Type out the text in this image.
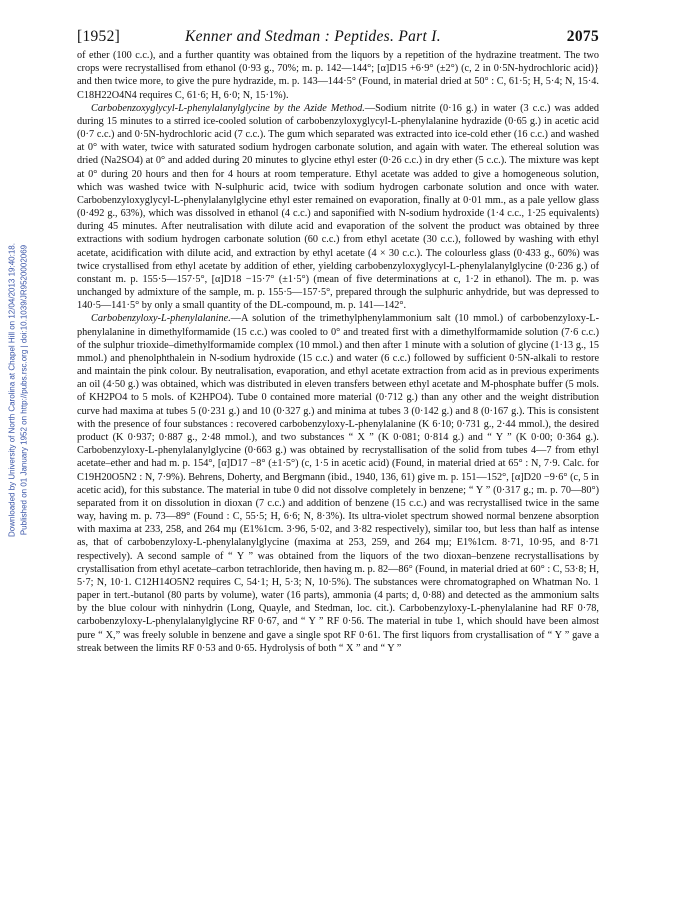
[1952]	Kenner and Stedman : Peptides. Part I.	2075
Downloaded by University of North Carolina at Chapel Hill on 12/04/2013 19:40:18. Published on 01 January 1952 on http://pubs.rsc.org | doi:10.1039/JR9520002069

of ether (100 c.c.), and a further quantity was obtained from the liquors by a repetition of the hydrazine treatment. The two crops were recrystallised from ethanol (0·93 g., 70%; m. p. 142—144°; [α]D15 +6·9° (±2°) (c, 2 in 0·5N-hydrochloric acid)} and then twice more, to give the pure hydrazide, m. p. 143—144·5° (Found, in material dried at 50° : C, 61·5; H, 5·4; N, 15·4. C18H22O4N4 requires C, 61·6; H, 6·0; N, 15·1%).

Carbobenzoxyglycyl-L-phenylalanylglycine by the Azide Method.—Sodium nitrite (0·16 g.) in water (3 c.c.) was added during 15 minutes to a stirred ice-cooled solution of carbobenzyloxyglycyl-L-phenylalanine hydrazide (0·65 g.) in acetic acid (0·7 c.c.) and 0·5N-hydrochloric acid (7 c.c.). The gum which separated was extracted into ice-cold ether (16 c.c.) and washed at 0° with water, twice with saturated sodium hydrogen carbonate solution, and again with water. The ethereal solution was dried (Na2SO4) at 0° and added during 20 minutes to glycine ethyl ester (0·26 c.c.) in dry ether (5 c.c.). The mixture was kept at 0° during 20 hours and then for 4 hours at room temperature. Ethyl acetate was added to give a homogeneous solution, which was washed twice with N-sulphuric acid, twice with sodium hydrogen carbonate solution and once with water. Carbobenzyloxyglycyl-L-phenylalanylglycine ethyl ester remained on evaporation, finally at 0·01 mm., as a pale yellow glass (0·492 g., 63%), which was dissolved in ethanol (4 c.c.) and saponified with N-sodium hydroxide (1·4 c.c., 1·25 equivalents) during 45 minutes. After neutralisation with dilute acid and evaporation of the solvent the product was obtained by three extractions with sodium hydrogen carbonate solution (60 c.c.) from ethyl acetate (30 c.c.), followed by washing with ethyl acetate, acidification with dilute acid, and extraction by ethyl acetate (4 × 30 c.c.). The colourless glass (0·433 g., 60%) was twice crystallised from ethyl acetate by addition of ether, yielding carbobenzyloxyglycyl-L-phenylalanylglycine (0·236 g.) of constant m. p. 155·5—157·5°, [α]D18 −15·7° (±1·5°) (mean of five determinations at c, 1·2 in ethanol). The m. p. was unchanged by admixture of the sample, m. p. 155·5—157·5°, prepared through the sulphuric anhydride, but was depressed to 140·5—141·5° by only a small quantity of the DL-compound, m. p. 141—142°.

Carbobenzyloxy-L-phenylalanine.—A solution of the trimethylphenylammonium salt (10 mmol.) of carbobenzyloxy-L-phenylalanine in dimethylformamide (15 c.c.) was cooled to 0° and treated first with a dimethylformamide solution (7·6 c.c.) of the sulphur trioxide–dimethylformamide complex (10 mmol.) and then after 1 minute with a solution of glycine (1·13 g., 15 mmol.) and phenolphthalein in N-sodium hydroxide (15 c.c.) and water (6 c.c.) followed by sufficient 0·5N-alkali to restore and maintain the pink colour. By neutralisation, evaporation, and ethyl acetate extraction from acid as in previous experiments an oil (4·50 g.) was obtained, which was distributed in eleven transfers between ethyl acetate and M-phosphate buffer (5 mols. of KH2PO4 to 5 mols. of K2HPO4). Tube 0 contained more material (0·712 g.) than any other and the weight distribution curve had maxima at tubes 5 (0·231 g.) and 10 (0·327 g.) and minima at tubes 3 (0·142 g.) and 8 (0·167 g.). This is consistent with the presence of four substances : recovered carbobenzyloxy-L-phenylalanine (K 6·10; 0·731 g., 2·44 mmol.), the desired product (K 0·937; 0·887 g., 2·48 mmol.), and two substances “ X ” (K 0·081; 0·814 g.) and “ Y ” (K 0·00; 0·364 g.). Carbobenzyloxy-L-phenylalanylglycine (0·663 g.) was obtained by recrystallisation of the solid from tubes 4—7 from ethyl acetate–ether and had m. p. 154°, [α]D17 −8° (±1·5°) (c, 1·5 in acetic acid) (Found, in material dried at 65° : N, 7·9. Calc. for C19H20O5N2 : N, 7·9%). Behrens, Doherty, and Bergmann (ibid., 1940, 136, 61) give m. p. 151—152°, [α]D20 −9·6° (c, 5 in acetic acid), for this substance. The material in tube 0 did not dissolve completely in benzene; “ Y ” (0·317 g.; m. p. 70—80°) separated from it on dissolution in dioxan (7 c.c.) and addition of benzene (15 c.c.) and was recrystallised twice in the same way, having m. p. 73—89° (Found : C, 55·5; H, 6·6; N, 8·3%). Its ultra-violet spectrum showed normal benzene absorption with maxima at 233, 258, and 264 mμ (E1%1cm. 3·96, 5·02, and 3·82 respectively), similar too, but less than half as intense as, that of carbobenzyloxy-L-phenylalanylglycine (maxima at 253, 259, and 264 mμ; E1%1cm. 8·71, 10·95, and 8·71 respectively). A second sample of “ Y ” was obtained from the liquors of the two dioxan–benzene recrystallisations by crystallisation from ethyl acetate–carbon tetrachloride, then having m. p. 82—86° (Found, in material dried at 60° : C, 53·8; H, 5·7; N, 10·1. C12H14O5N2 requires C, 54·1; H, 5·3; N, 10·5%). The substances were chromatographed on Whatman No. 1 paper in tert.-butanol (80 parts by volume), water (16 parts), ammonia (4 parts; d, 0·88) and detected as the ammonium salts by the blue colour with ninhydrin (Long, Quayle, and Stedman, loc. cit.). Carbobenzyloxy-L-phenylalanine had RF 0·78, carbobenzyloxy-L-phenylalanylglycine RF 0·67, and “ Y ” RF 0·56. The material in tube 1, which should have been almost pure “ X,” was freely soluble in benzene and gave a single spot RF 0·61. The first liquors from crystallisation of “ Y ” gave a streak between the limits RF 0·53 and 0·65. Hydrolysis of both “ X ” and “ Y ”
